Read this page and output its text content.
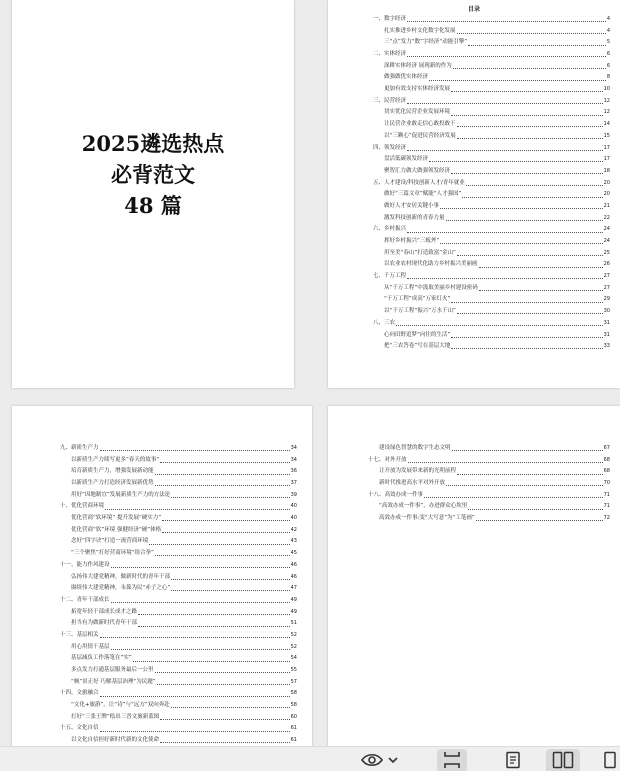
2025遴选热点
必背范文
48 篇
目录
一、数字经济	4
扎实推进乡村文化数字化发展	4
三“点”发力“数”字经济“动能引擎”	5
二、实体经济	6
深耕实体经济 展现新的作为	6
做强做优实体经济	8
更加有效支持实体经济发展	10
三、民营经济	12
切实优化民营企业发展环境	12
让民营企业敢走信心敢投敢干	14
以“三颗心”促进民营经济发展	15
四、领发经济	17
盘活低碳领发经济	17
聚智汇力做大做强领发经济	18
五、人才建设/科技创新人才/青年就业	20
做好“三篇文章”赋能“人才强国”	20
做好人才安居关键小事	21
激发科技创新的青春力量	22
六、乡村振兴	24
挥好乡村振兴“三板斧”	24
用至美“春山”打造致富“金山”	25
以农业农村现代化助力乡村振兴美丽画	26
七、千万工程	27
从“千万工程”中汲取美丽乡村建设密码	27
“千万工程”成高“万家灯火”	29
以“千万工程”振兴“万水千山”	30
八、三农	31
心向田野追梦“向往的生活”	31
把“三农答卷”写在基层大地	33
九、新质生产力	34
以新质生产力续写更多“春天的故事”	34
培育新质生产力，增强发展新动能	36
以新质生产力打造经济发展新优势	37
用好“因地制宜”发展新质生产力的方法论	39
十、优化营商环境	40
优化营商“软环境” 提升发展“硬实力”	40
优化营商“软”环境 强健经济“硬”体格	42
念好“四字诀”打造一流营商环境	43
“三个聚焦”打好营商环境“组合拳”	45
十一、能力作风建设	46
弘扬伟大建党精神，做新时代的青年干部	46
赓续伟大建党精神，永葆为民“赤子之心”	47
十二、青年干部成长	49
拓宽年轻干部成长成才之路	49
担当有为做新时代青年干部	51
十三、基层相关	52
用心用情干基层	52
基层减负工作落笔在“实”	54
多点发力打通基层服务最后一公里	55
“枫”景正好 巧解基层治理“为民题”	57
十四、文旅融合	58
“文化+旅游”，让“诗”与“远方”双向奔赴	58
打好“三张王牌”绘出三晋文旅新蓝图	60
十五、文化自信	61
以文化自信担好新时代新的文化使命	61
建设绿色智慧的数字生态文明	67
十七、对外开放	68
让开放为发展带来新的光明前程	68
新时代推进高水平对外开放	70
十八、高效办成一件事	71
“高效办成一件事”，办进群众心坎里	71
高效办成一件事:变“大写意”为“工笔画”	72
